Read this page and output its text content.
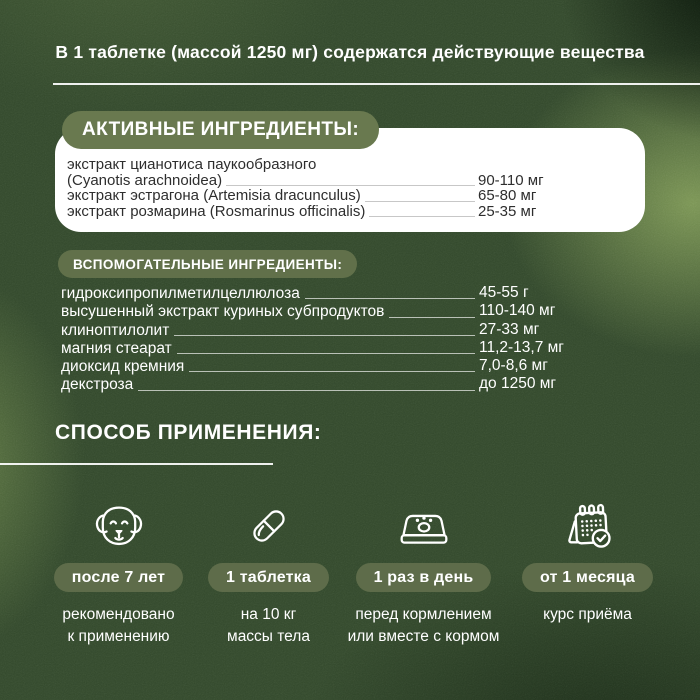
В 1 таблетке (массой 1250 мг) содержатся действующие вещества
АКТИВНЫЕ ИНГРЕДИЕНТЫ:
экстракт цианотиса паукообразного
(Cyanotis arachnoidea)	90-110 мг
экстракт эстрагона (Artemisia dracunculus)	65-80 мг
экстракт розмарина (Rosmarinus officinalis)	25-35 мг
ВСПОМОГАТЕЛЬНЫЕ ИНГРЕДИЕНТЫ:
гидроксипропилметилцеллюлоза	45-55 г
высушенный экстракт куриных субпродуктов	110-140 мг
клиноптилолит	27-33 мг
магния стеарат	11,2-13,7 мг
диоксид кремния	7,0-8,6 мг
декстроза	до 1250 мг
СПОСОБ ПРИМЕНЕНИЯ:
после 7 лет
рекомендовано
к применению
1 таблетка
на 10 кг
массы тела
1 раз в день
перед кормлением
или вместе с кормом
от 1 месяца
курс приёма
